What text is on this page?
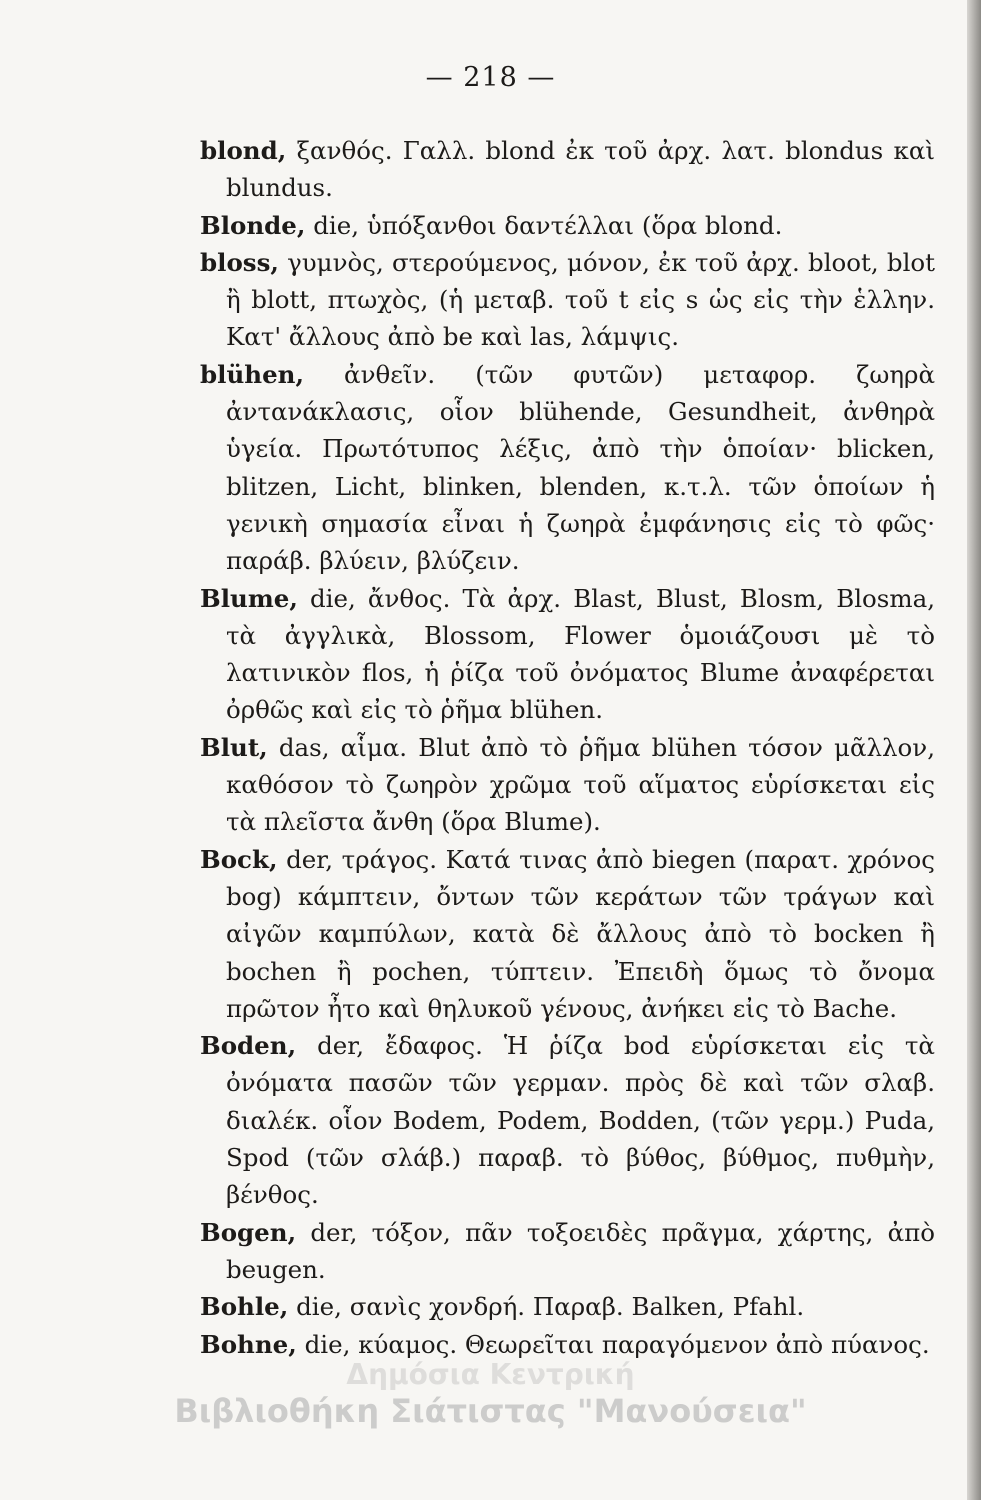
— 218 —

blond, ξανθός. Γαλλ. blond ἐκ τοῦ ἀρχ. λατ. blondus καὶ blundus.

Blonde, die, ὑπόξανθοι δαντέλλαι (ὅρα blond.

bloss, γυμνὸς, στερούμενος, μόνον, ἐκ τοῦ ἀρχ. bloot, blot ἢ blott, πτωχὸς, (ἡ μεταβ. τοῦ t εἰς s ὡς εἰς τὴν ἑλλην. Κατ' ἄλλους ἀπὸ be καὶ las, λάμψις.

blühen, ἀνθεῖν. (τῶν φυτῶν) μεταφορ. ζωηρὰ ἀντανάκλασις, οἷον blühende, Gesundheit, ἀνθηρὰ ὑγεία. Πρωτότυπος λέξις, ἀπὸ τὴν ὁποίαν· blicken, blitzen, Licht, blinken, blenden, κ.τ.λ. τῶν ὁποίων ἡ γενικὴ σημασία εἶναι ἡ ζωηρὰ ἐμφάνησις εἰς τὸ φῶς· παράβ. βλύειν, βλύζειν.

Blume, die, ἄνθος. Τὰ ἀρχ. Blast, Blust, Blosm, Blosma, τὰ ἀγγλικὰ, Blossom, Flower ὁμοιάζουσι μὲ τὸ λατινικὸν flos, ἡ ῥίζα τοῦ ὀνόματος Blume ἀναφέρεται ὀρθῶς καὶ εἰς τὸ ῥῆμα blühen.

Blut, das, αἷμα. Blut ἀπὸ τὸ ῥῆμα blühen τόσον μᾶλλον, καθόσον τὸ ζωηρὸν χρῶμα τοῦ αἵματος εὑρίσκεται εἰς τὰ πλεῖστα ἄνθη (ὅρα Blume).

Bock, der, τράγος. Κατά τινας ἀπὸ biegen (παρατ. χρόνος bog) κάμπτειν, ὄντων τῶν κεράτων τῶν τράγων καὶ αἰγῶν καμπύλων, κατὰ δὲ ἄλλους ἀπὸ τὸ bocken ἢ bochen ἢ pochen, τύπτειν. Ἐπειδὴ ὅμως τὸ ὄνομα πρῶτον ἦτο καὶ θηλυκοῦ γένους, ἀνήκει εἰς τὸ Bache.

Boden, der, ἔδαφος. Ἡ ῥίζα bod εὑρίσκεται εἰς τὰ ὀνόματα πασῶν τῶν γερμαν. πρὸς δὲ καὶ τῶν σλαβ. διαλέκ. οἷον Bodem, Podem, Bodden, (τῶν γερμ.) Puda, Spod (τῶν σλάβ.) παραβ. τὸ βύθος, βύθμος, πυθμὴν, βένθος.

Bogen, der, τόξον, πᾶν τοξοειδὲς πρᾶγμα, χάρτης, ἀπὸ beugen.

Bohle, die, σανὶς χονδρή. Παραβ. Balken, Pfahl.

Bohne, die, κύαμος. Θεωρεῖται παραγόμενον ἀπὸ πύανος.

Δημόσια Κεντρική
Βιβλιοθήκη Σιάτιστας "Μανούσεια"
